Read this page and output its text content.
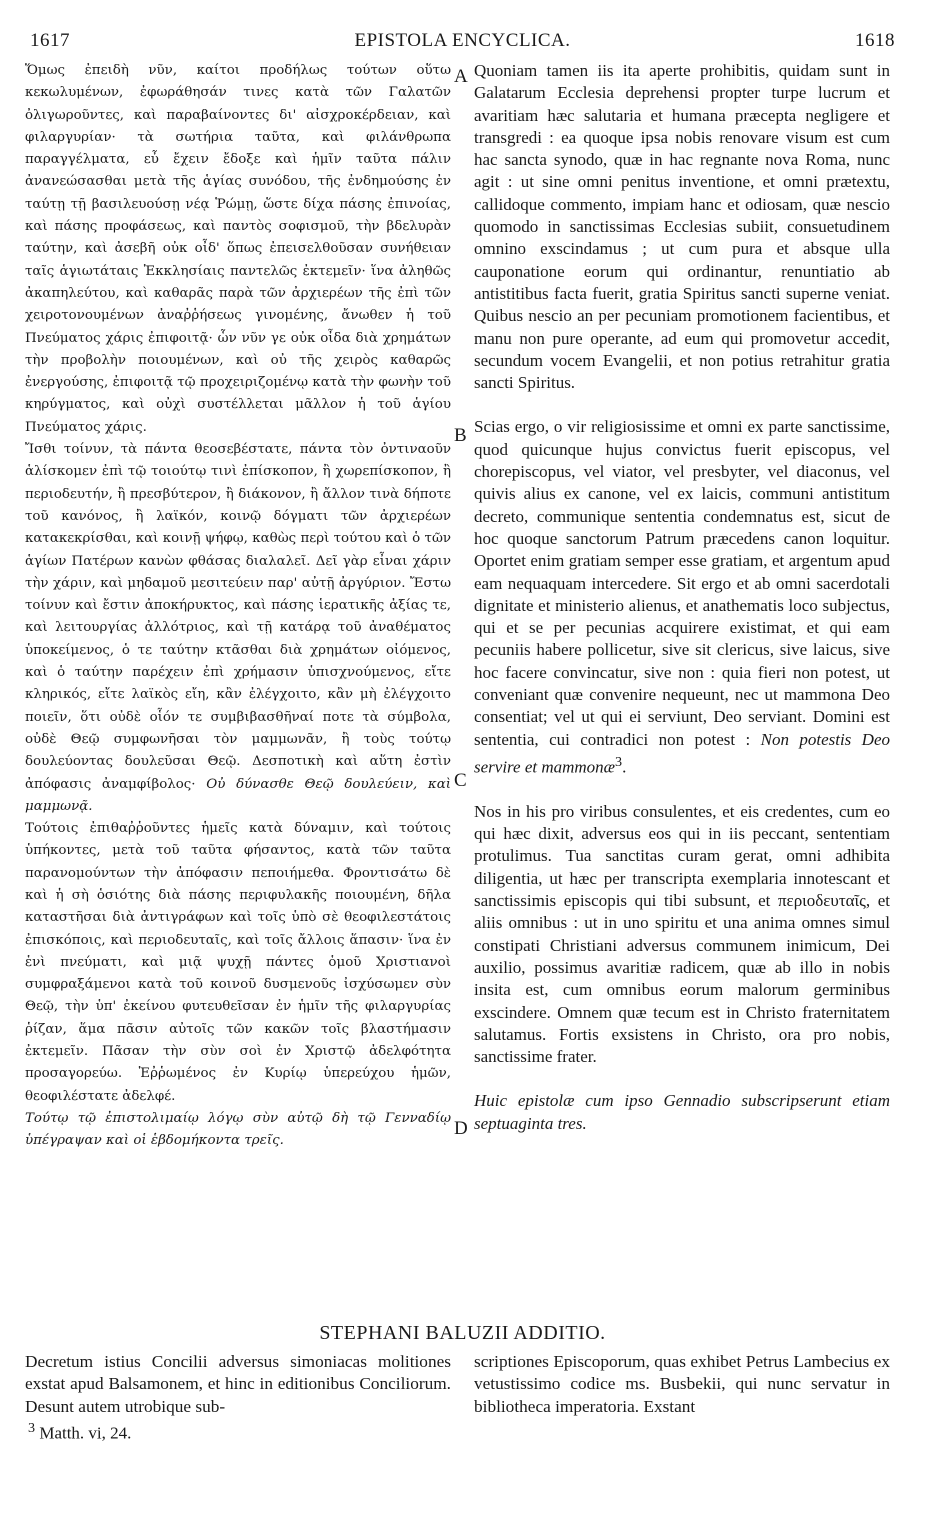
1617	EPISTOLA ENCYCLICA.	1618

Ὅμως ἐπειδὴ νῦν, καίτοι προδήλως τούτων οὕτω κεκωλυμένων, ἐφωράθησάν τινες κατὰ τῶν Γαλατῶν ὀλιγωροῦντες, καὶ παραβαίνοντες δι' αἰσχροκέρδειαν, καὶ φιλαργυρίαν· τὰ σωτήρια ταῦτα, καὶ φιλάνθρωπα παραγγέλματα, εὖ ἔχειν ἔδοξε καὶ ἡμῖν ταῦτα πάλιν ἀνανεώσασθαι μετὰ τῆς ἁγίας συνόδου, τῆς ἐνδημούσης ἐν ταύτῃ τῇ βασιλευούσῃ νέᾳ Ῥώμῃ, ὥστε δίχα πάσης ἐπινοίας, καὶ πάσης προφάσεως, καὶ παντὸς σοφισμοῦ, τὴν βδελυρὰν ταύτην, καὶ ἀσεβῆ οὐκ οἶδ' ὅπως ἐπεισελθοῦσαν συνήθειαν ταῖς ἁγιωτάταις Ἐκκλησίαις παντελῶς ἐκτεμεῖν· ἵνα ἀληθῶς ἀκαπηλεύτου, καὶ καθαρᾶς παρὰ τῶν ἀρχιερέων τῆς ἐπὶ τῶν χειροτονουμένων ἀναῤῥήσεως γινομένης, ἄνωθεν ἡ τοῦ Πνεύματος χάρις ἐπιφοιτᾷ· ὧν νῦν γε οὐκ οἶδα διὰ χρημάτων τὴν προβολὴν ποιουμένων, καὶ οὐ τῆς χειρὸς καθαρῶς ἐνεργούσης, ἐπιφοιτᾷ τῷ προχειριζομένῳ κατὰ τὴν φωνὴν τοῦ κηρύγματος, καὶ οὐχὶ συστέλλεται μᾶλλον ἡ τοῦ ἁγίου Πνεύματος χάρις.

Ἴσθι τοίνυν, τὰ πάντα θεοσεβέστατε, πάντα τὸν ὀντιναοῦν ἁλίσκομεν ἐπὶ τῷ τοιούτῳ τινὶ ἐπίσκοπον, ἢ χωρεπίσκοπον, ἢ περιοδευτήν, ἢ πρεσβύτερον, ἢ διάκονον, ἢ ἄλλον τινὰ δήποτε τοῦ κανόνος, ἢ λαϊκόν, κοινῷ δόγματι τῶν ἀρχιερέων κατακεκρίσθαι, καὶ κοινῇ ψήφῳ, καθὼς περὶ τούτου καὶ ὁ τῶν ἁγίων Πατέρων κανὼν φθάσας διαλαλεῖ. Δεῖ γὰρ εἶναι χάριν τὴν χάριν, καὶ μηδαμοῦ μεσιτεύειν παρ' αὐτῇ ἀργύριον. Ἔστω τοίνυν καὶ ἔστιν ἀποκήρυκτος, καὶ πάσης ἱερατικῆς ἀξίας τε, καὶ λειτουργίας ἀλλότριος, καὶ τῇ κατάρᾳ τοῦ ἀναθέματος ὑποκείμενος, ὁ τε ταύτην κτᾶσθαι διὰ χρημάτων οἰόμενος, καὶ ὁ ταύτην παρέχειν ἐπὶ χρήμασιν ὑπισχνούμενος, εἴτε κληρικός, εἴτε λαϊκὸς εἴη, κἂν ἐλέγχοιτο, κἂν μὴ ἐλέγχοιτο ποιεῖν, ὅτι οὐδὲ οἷόν τε συμβιβασθῆναί ποτε τὰ σύμβολα, οὐδὲ Θεῷ συμφωνῆσαι τὸν μαμμωνᾶν, ἢ τοὺς τούτῳ δουλεύοντας δουλεῦσαι Θεῷ. Δεσποτικὴ καὶ αὕτη ἐστὶν ἀπόφασις ἀναμφίβολος· Οὐ δύνασθε Θεῷ δουλεύειν, καὶ μαμμωνᾷ.

Τούτοις ἐπιθαῤῥοῦντες ἡμεῖς κατὰ δύναμιν, καὶ τούτοις ὑπήκοντες, μετὰ τοῦ ταῦτα φήσαντος, κατὰ τῶν ταῦτα παρανομούντων τὴν ἀπόφασιν πεποιήμεθα. Φροντισάτω δὲ καὶ ἡ σὴ ὁσιότης διὰ πάσης περιφυλακῆς ποιουμένη, δῆλα καταστῆσαι διὰ ἀντιγράφων καὶ τοῖς ὑπὸ σὲ θεοφιλεστάτοις ἐπισκόποις, καὶ περιοδευταῖς, καὶ τοῖς ἄλλοις ἅπασιν· ἵνα ἐν ἑνὶ πνεύματι, καὶ μιᾷ ψυχῇ πάντες ὁμοῦ Χριστιανοὶ συμφραξάμενοι κατὰ τοῦ κοινοῦ δυσμενοῦς ἰσχύσωμεν σὺν Θεῷ, τὴν ὑπ' ἐκείνου φυτευθεῖσαν ἐν ἡμῖν τῆς φιλαργυρίας ῥίζαν, ἅμα πᾶσιν αὐτοῖς τῶν κακῶν τοῖς βλαστήμασιν ἐκτεμεῖν. Πᾶσαν τὴν σὺν σοὶ ἐν Χριστῷ ἀδελφότητα προσαγορεύω. Ἐῤῥωμένος ἐν Κυρίῳ ὑπερεύχου ἡμῶν, θεοφιλέστατε ἀδελφέ.

Τούτῳ τῷ ἐπιστολιμαίῳ λόγῳ σὺν αὐτῷ δὴ τῷ Γενναδίῳ ὑπέγραψαν καὶ οἱ ἑβδομήκοντα τρεῖς.

A
B
C
D

Quoniam tamen iis ita aperte prohibitis, quidam sunt in Galatarum Ecclesia deprehensi propter turpe lucrum et avaritiam hæc salutaria et humana præcepta negligere et transgredi : ea quoque ipsa nobis renovare visum est cum hac sancta synodo, quæ in hac regnante nova Roma, nunc agit : ut sine omni penitus inventione, et omni prætextu, callidoque commento, impiam hanc et odiosam, quæ nescio quomodo in sanctissimas Ecclesias subiit, consuetudinem omnino exscindamus ; ut cum pura et absque ulla cauponatione eorum qui ordinantur, renuntiatio ab antistitibus facta fuerit, gratia Spiritus sancti superne veniat. Quibus nescio an per pecuniam promotionem facientibus, et manu non pure operante, ad eum qui promovetur accedit, secundum vocem Evangelii, et non potius retrahitur gratia sancti Spiritus.

Scias ergo, o vir religiosissime et omni ex parte sanctissime, quod quicunque hujus convictus fuerit episcopus, vel chorepiscopus, vel viator, vel presbyter, vel diaconus, vel quivis alius ex canone, vel ex laicis, communi antistitum decreto, communique sententia condemnatus est, sicut de hoc quoque sanctorum Patrum præcedens canon loquitur. Oportet enim gratiam semper esse gratiam, et argentum apud eam nequaquam intercedere. Sit ergo et ab omni sacerdotali dignitate et ministerio alienus, et anathematis loco subjectus, qui et se per pecunias acquirere existimat, et qui eam pecuniis habere pollicetur, sive sit clericus, sive laicus, sive hoc facere convincatur, sive non : quia fieri non potest, ut conveniant quæ convenire nequeunt, nec ut mammona Deo consentiat; vel ut qui ei serviunt, Deo serviant. Domini est sententia, cui contradici non potest : Non potestis Deo servire et mammonæ$^3$.

Nos in his pro viribus consulentes, et eis credentes, cum eo qui hæc dixit, adversus eos qui in iis peccant, sententiam protulimus. Tua sanctitas curam gerat, omni adhibita diligentia, ut hæc per transcripta exemplaria innotescant et sanctissimis episcopis qui tibi subsunt, et περιοδευταῖς, et aliis omnibus : ut in uno spiritu et una anima omnes simul constipati Christiani adversus communem inimicum, Dei auxilio, possimus avaritiæ radicem, quæ ab illo in nobis insita est, cum omnibus eorum malorum germinibus exscindere. Omnem quæ tecum est in Christo fraternitatem salutamus. Fortis exsistens in Christo, ora pro nobis, sanctissime frater.

Huic epistolæ cum ipso Gennadio subscripserunt etiam septuaginta tres.

STEPHANI BALUZII ADDITIO.
Decretum istius Concilii adversus simoniacas molitiones exstat apud Balsamonem, et hinc in editionibus Conciliorum. Desunt autem utrobique sub-
scriptiones Episcoporum, quas exhibet Petrus Lambecius ex vetustissimo codice ms. Busbekii, qui nunc servatur in bibliotheca imperatoria. Exstant
$^3$ Matth. vi, 24.
